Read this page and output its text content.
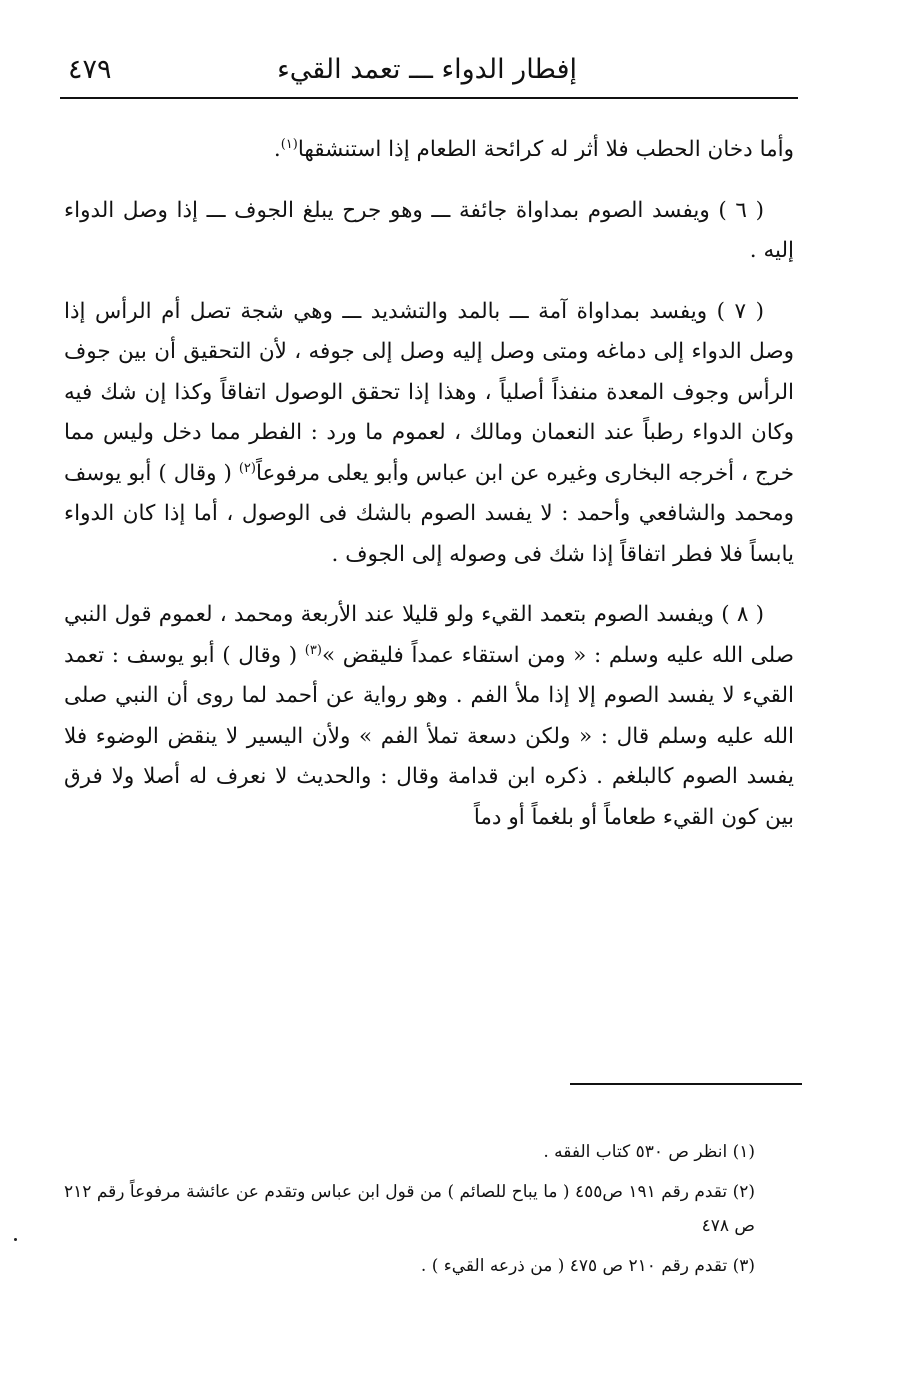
إفطار الدواء ـــ تعمد القيء
٤٧٩

وأما دخان الحطب فلا أثر له كرائحة الطعام إذا استنشقها$^{(١)}$.

( ٦ ) ويفسد الصوم بمداواة جائفة ـــ وهو جرح يبلغ الجوف ـــ إذا وصل الدواء إليه .

( ٧ ) ويفسد بمداواة آمة ـــ بالمد والتشديد ـــ وهي شجة تصل أم الرأس إذا وصل الدواء إلى دماغه ومتى وصل إليه وصل إلى جوفه ، لأن التحقيق أن بين جوف الرأس وجوف المعدة منفذاً أصلياً ، وهذا إذا تحقق الوصول اتفاقاً وكذا إن شك فيه وكان الدواء رطباً عند النعمان ومالك ، لعموم ما ورد : الفطر مما دخل وليس مما خرج ، أخرجه البخارى وغيره عن ابن عباس وأبو يعلى مرفوعاً$^{(٢)}$ ( وقال ) أبو يوسف ومحمد والشافعي وأحمد : لا يفسد الصوم بالشك فى الوصول ، أما إذا كان الدواء يابساً فلا فطر اتفاقاً إذا شك فى وصوله إلى الجوف .

( ٨ ) ويفسد الصوم بتعمد القيء ولو قليلا عند الأربعة ومحمد ، لعموم قول النبي صلى الله عليه وسلم : « ومن استقاء عمداً فليقض »$^{(٣)}$ ( وقال ) أبو يوسف : تعمد القيء لا يفسد الصوم إلا إذا ملأ الفم . وهو رواية عن أحمد لما روى أن النبي صلى الله عليه وسلم قال : « ولكن دسعة تملأ الفم » ولأن اليسير لا ينقض الوضوء فلا يفسد الصوم كالبلغم . ذكره ابن قدامة وقال : والحديث لا نعرف له أصلا ولا فرق بين كون القيء طعاماً أو بلغماً أو دماً

(١) انظر ص ٥٣٠ كتاب الفقه .

(٢) تقدم رقم ١٩١ ص٤٥٥ ( ما يباح للصائم ) من قول ابن عباس وتقدم عن عائشة مرفوعاً رقم ٢١٢ ص ٤٧٨

(٣) تقدم رقم ٢١٠ ص ٤٧٥ ( من ذرعه القيء ) .
